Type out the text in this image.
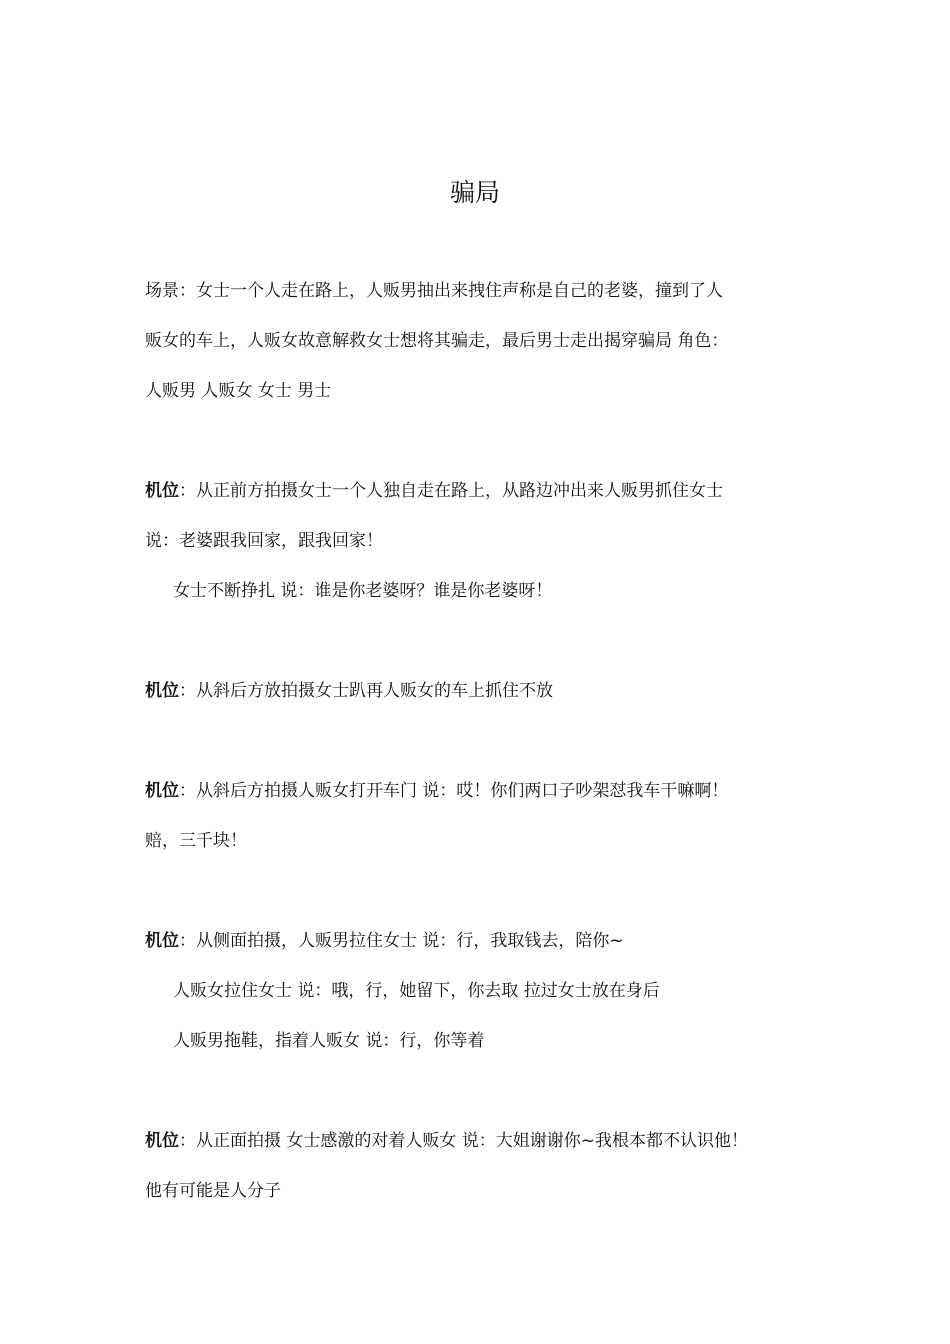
骗局
场景：女士一个人走在路上，人贩男抽出来拽住声称是自己的老婆，撞到了人
贩女的车上，人贩女故意解救女士想将其骗走，最后男士走出揭穿骗局 角色：
人贩男 人贩女 女士 男士
机位：从正前方拍摄女士一个人独自走在路上，从路边冲出来人贩男抓住女士
说：老婆跟我回家，跟我回家！
女士不断挣扎 说：谁是你老婆呀？谁是你老婆呀！
机位：从斜后方放拍摄女士趴再人贩女的车上抓住不放
机位：从斜后方拍摄人贩女打开车门 说：哎！你们两口子吵架怼我车干嘛啊！
赔，三千块！
机位：从侧面拍摄，人贩男拉住女士 说：行，我取钱去，陪你~
人贩女拉住女士 说：哦，行，她留下，你去取 拉过女士放在身后
人贩男拖鞋，指着人贩女 说：行，你等着
机位：从正面拍摄 女士感激的对着人贩女 说：大姐谢谢你~我根本都不认识他！
他有可能是人分子
